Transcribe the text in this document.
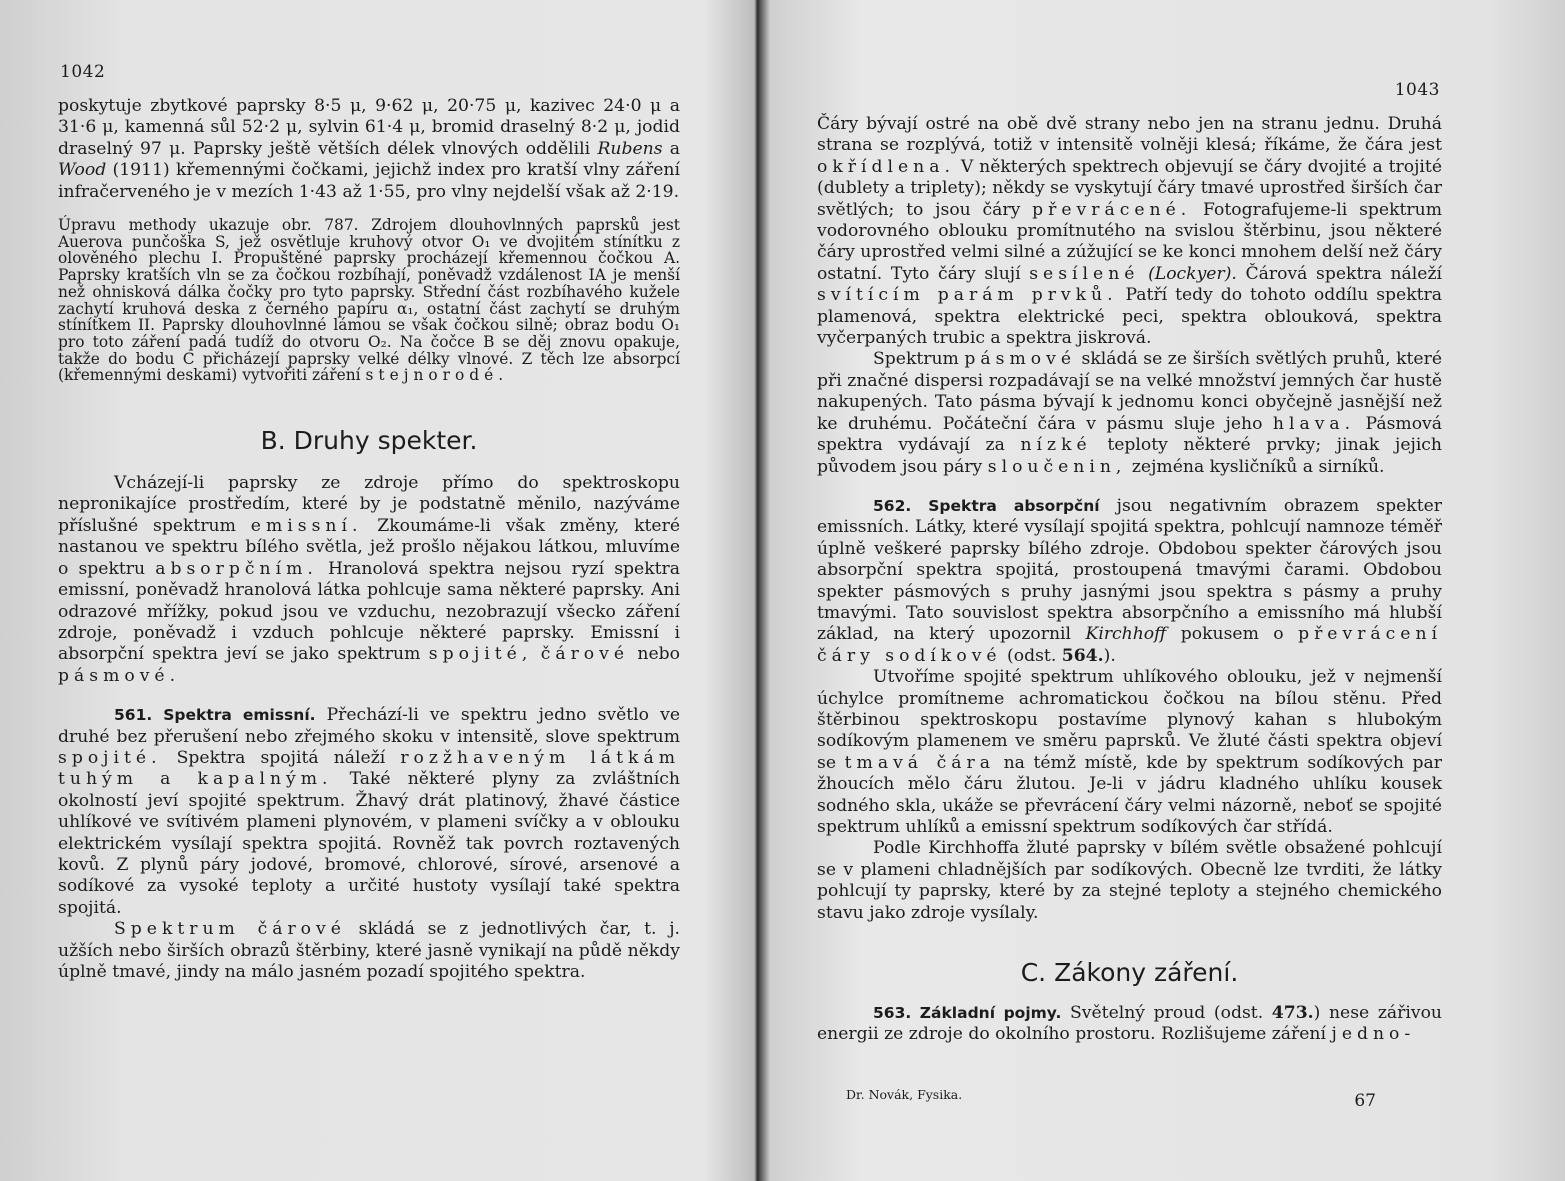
1042

poskytuje zbytkové paprsky 8·5 μ, 9·62 μ, 20·75 μ, kazivec 24·0 μ a 31·6 μ, kamenná sůl 52·2 μ, sylvin 61·4 μ, bromid draselný 8·2 μ, jodid draselný 97 μ. Paprsky ještě větších délek vlnových oddělili Rubens a Wood (1911) křemennými čočkami, jejichž index pro kratší vlny záření infračerveného je v mezích 1·43 až 1·55, pro vlny nejdelší však až 2·19.

Úpravu methody ukazuje obr. 787. Zdrojem dlouhovlnných paprsků jest Auerova punčoška S, jež osvětluje kruhový otvor O₁ ve dvojitém stínítku z olověného plechu I. Propuštěné paprsky procházejí křemennou čočkou A. Paprsky kratších vln se za čočkou rozbíhají, poněvadž vzdálenost IA je menší než ohnisková dálka čočky pro tyto paprsky. Střední část rozbíhavého kužele zachytí kruhová deska z černého papíru α₁, ostatní část zachytí se druhým stínítkem II. Paprsky dlouhovlnné lámou se však čočkou silně; obraz bodu O₁ pro toto záření padá tudíž do otvoru O₂. Na čočce B se děj znovu opakuje, takže do bodu C přicházejí paprsky velké délky vlnové. Z těch lze absorpcí (křemennými deskami) vytvořiti záření stejnorodé.

B. Druhy spekter.

Vcházejí-li paprsky ze zdroje přímo do spektroskopu nepronikajíce prostředím, které by je podstatně měnilo, nazýváme příslušné spektrum emissní. Zkoumáme-li však změny, které nastanou ve spektru bílého světla, jež prošlo nějakou látkou, mluvíme o spektru absorpčním. Hranolová spektra nejsou ryzí spektra emissní, poněvadž hranolová látka pohlcuje sama některé paprsky. Ani odrazové mřížky, pokud jsou ve vzduchu, nezobrazují všecko záření zdroje, poněvadž i vzduch pohlcuje některé paprsky. Emissní i absorpční spektra jeví se jako spektrum spojité, čárové nebo pásmové.

561. Spektra emissní. Přechází-li ve spektru jedno světlo ve druhé bez přerušení nebo zřejmého skoku v intensitě, slove spektrum spojité. Spektra spojitá náleží rozžhaveným látkám tuhým a kapalným. Také některé plyny za zvláštních okolností jeví spojité spektrum. Žhavý drát platinový, žhavé částice uhlíkové ve svítivém plameni plynovém, v plameni svíčky a v oblouku elektrickém vysílají spektra spojitá. Rovněž tak povrch roztavených kovů. Z plynů páry jodové, bromové, chlorové, sírové, arsenové a sodíkové za vysoké teploty a určité hustoty vysílají také spektra spojitá.

Spektrum čárové skládá se z jednotlivých čar, t. j. užších nebo širších obrazů štěrbiny, které jasně vynikají na půdě někdy úplně tmavé, jindy na málo jasném pozadí spojitého spektra.

1043

Čáry bývají ostré na obě dvě strany nebo jen na stranu jednu. Druhá strana se rozplývá, totiž v intensitě volněji klesá; říkáme, že čára jest okřídlena. V některých spektrech objevují se čáry dvojité a trojité (dublety a triplety); někdy se vyskytují čáry tmavé uprostřed širších čar světlých; to jsou čáry převrácené. Fotografujeme-li spektrum vodorovného oblouku promítnutého na svislou štěrbinu, jsou některé čáry uprostřed velmi silné a zúžující se ke konci mnohem delší než čáry ostatní. Tyto čáry slují sesílené (Lockyer). Čárová spektra náleží svítícím parám prvků. Patří tedy do tohoto oddílu spektra plamenová, spektra elektrické peci, spektra oblouková, spektra vyčerpaných trubic a spektra jiskrová.

Spektrum pásmové skládá se ze širších světlých pruhů, které při značné dispersi rozpadávají se na velké množství jemných čar hustě nakupených. Tato pásma bývají k jednomu konci obyčejně jasnější než ke druhému. Počáteční čára v pásmu sluje jeho hlava. Pásmová spektra vydávají za nízké teploty některé prvky; jinak jejich původem jsou páry sloučenin, zejména kysličníků a sirníků.

562. Spektra absorpční jsou negativním obrazem spekter emissních. Látky, které vysílají spojitá spektra, pohlcují namnoze téměř úplně veškeré paprsky bílého zdroje. Obdobou spekter čárových jsou absorpční spektra spojitá, prostoupená tmavými čarami. Obdobou spekter pásmových s pruhy jasnými jsou spektra s pásmy a pruhy tmavými. Tato souvislost spektra absorpčního a emissního má hlubší základ, na který upozornil Kirchhoff pokusem o převrácení čáry sodíkové (odst. 564.).

Utvoříme spojité spektrum uhlíkového oblouku, jež v nejmenší úchylce promítneme achromatickou čočkou na bílou stěnu. Před štěrbinou spektroskopu postavíme plynový kahan s hlubokým sodíkovým plamenem ve směru paprsků. Ve žluté části spektra objeví se tmavá čára na témž místě, kde by spektrum sodíkových par žhoucích mělo čáru žlutou. Je-li v jádru kladného uhlíku kousek sodného skla, ukáže se převrácení čáry velmi názorně, neboť se spojité spektrum uhlíků a emissní spektrum sodíkových čar střídá.

Podle Kirchhoffa žluté paprsky v bílém světle obsažené pohlcují se v plameni chladnějších par sodíkových. Obecně lze tvrditi, že látky pohlcují ty paprsky, které by za stejné teploty a stejného chemického stavu jako zdroje vysílaly.

C. Zákony záření.

563. Základní pojmy. Světelný proud (odst. 473.) nese zářivou energii ze zdroje do okolního prostoru. Rozlišujeme záření jedno-

Dr. Novák, Fysika.	67
